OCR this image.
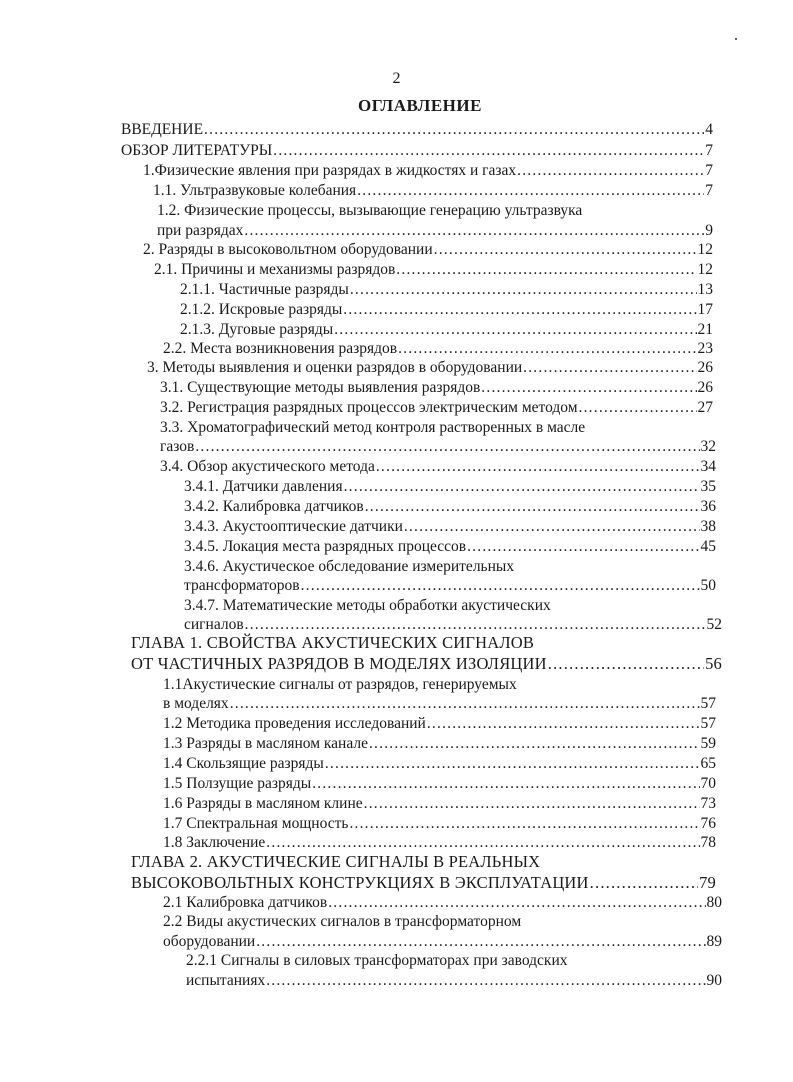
2
ОГЛАВЛЕНИЕ
ВВЕДЕНИЕ .....	4
ОБЗОР ЛИТЕРАТУРЫ .....	7
1.Физические явления при разрядах в жидкостях и газах .....	7
1.1. Ультразвуковые колебания .....	7
1.2. Физические процессы, вызывающие генерацию ультразвука
при разрядах .....	9
2. Разряды в высоковольтном оборудовании .....	12
2.1. Причины и механизмы разрядов .....	12
2.1.1. Частичные разряды .....	13
2.1.2. Искровые разряды .....	17
2.1.3. Дуговые разряды .....	21
2.2. Места возникновения разрядов .....	23
3. Методы выявления и оценки разрядов в оборудовании .....	26
3.1. Существующие методы выявления разрядов .....	26
3.2. Регистрация разрядных процессов электрическим методом .....	27
3.3. Хроматографический метод контроля растворенных в масле
газов .....	32
3.4. Обзор акустического метода .....	34
3.4.1. Датчики давления .....	35
3.4.2. Калибровка датчиков .....	36
3.4.3. Акустооптические датчики .....	38
3.4.5. Локация места разрядных процессов .....	45
3.4.6. Акустическое обследование измерительных
трансформаторов .....	50
3.4.7. Математические методы обработки акустических
сигналов .....	52
ГЛАВА 1. СВОЙСТВА АКУСТИЧЕСКИХ СИГНАЛОВ
ОТ ЧАСТИЧНЫХ РАЗРЯДОВ В МОДЕЛЯХ ИЗОЛЯЦИИ .....	56
1.1Акустические сигналы от разрядов, генерируемых
в моделях .....	57
1.2 Методика проведения исследований .....	57
1.3 Разряды в масляном канале .....	59
1.4 Скользящие разряды .....	65
1.5 Ползущие разряды .....	70
1.6 Разряды в масляном клине .....	73
1.7 Спектральная мощность .....	76
1.8 Заключение .....	78
ГЛАВА 2. АКУСТИЧЕСКИЕ СИГНАЛЫ В РЕАЛЬНЫХ
ВЫСОКОВОЛЬТНЫХ КОНСТРУКЦИЯХ В ЭКСПЛУАТАЦИИ .....	79
2.1 Калибровка датчиков .....	80
2.2 Виды акустических сигналов в трансформаторном
оборудовании .....	89
2.2.1 Сигналы в силовых трансформаторах при заводских
испытаниях .....	90
